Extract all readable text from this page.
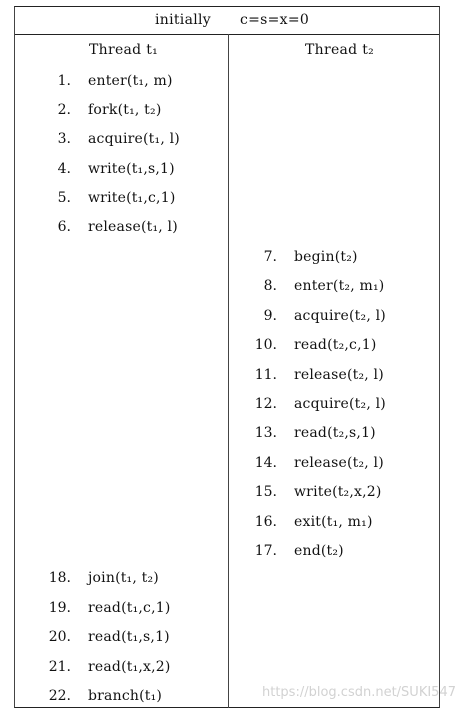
initially c=s=x=0
Thread t₁	Thread t₂
1. enter(t₁, m)
2. fork(t₁, t₂)
3. acquire(t₁, l)
4. write(t₁,s,1)
5. write(t₁,c,1)
6. release(t₁, l)
7. begin(t₂)
8. enter(t₂, m₁)
9. acquire(t₂, l)
10. read(t₂,c,1)
11. release(t₂, l)
12. acquire(t₂, l)
13. read(t₂,s,1)
14. release(t₂, l)
15. write(t₂,x,2)
16. exit(t₁, m₁)
17. end(t₂)
18. join(t₁, t₂)
19. read(t₁,c,1)
20. read(t₁,s,1)
21. read(t₁,x,2)
22. branch(t₁)	https://blog.csdn.net/SUKI547
